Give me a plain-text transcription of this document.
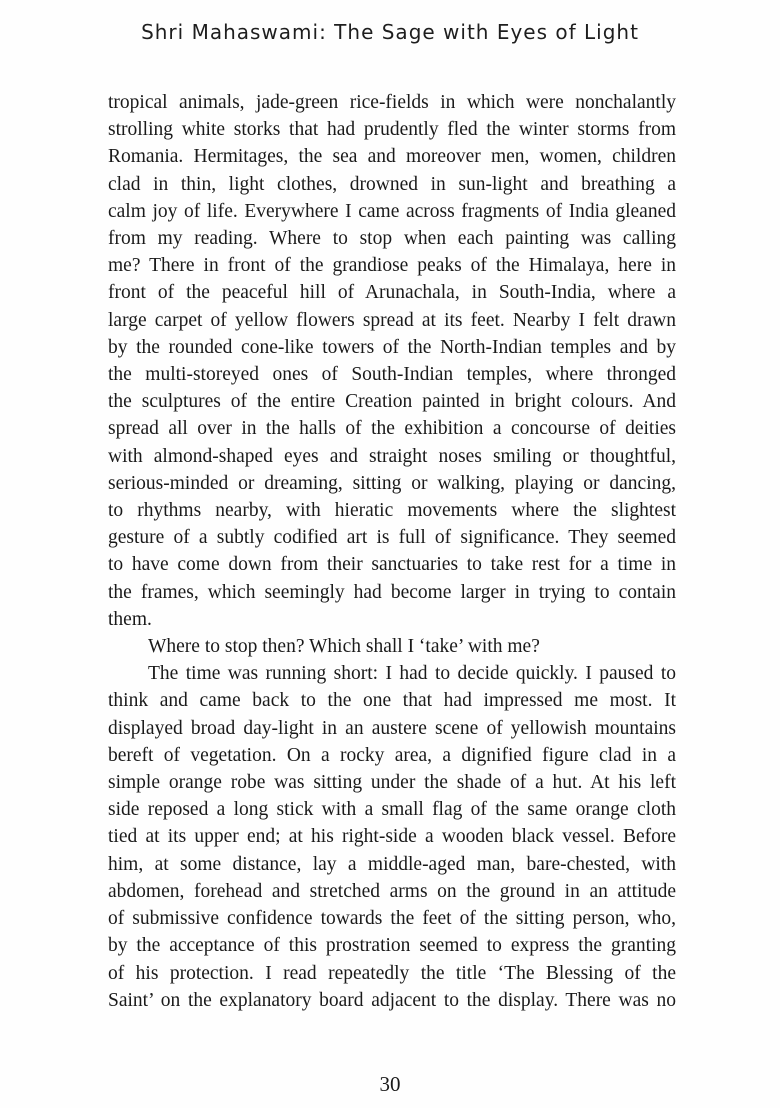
Shri Mahaswami: The Sage with Eyes of Light
tropical animals, jade-green rice-fields in which were nonchalantly
strolling white storks that had prudently fled the winter storms from
Romania. Hermitages, the sea and moreover men, women, children
clad in thin, light clothes, drowned in sun-light and breathing a
calm joy of life. Everywhere I came across fragments of India gleaned
from my reading. Where to stop when each painting was calling
me? There in front of the grandiose peaks of the Himalaya, here in
front of the peaceful hill of Arunachala, in South-India, where a
large carpet of yellow flowers spread at its feet. Nearby I felt drawn
by the rounded cone-like towers of the North-Indian temples and by
the multi-storeyed ones of South-Indian temples, where thronged
the sculptures of the entire Creation painted in bright colours. And
spread all over in the halls of the exhibition a concourse of deities
with almond-shaped eyes and straight noses smiling or thoughtful,
serious-minded or dreaming, sitting or walking, playing or dancing,
to rhythms nearby, with hieratic movements where the slightest
gesture of a subtly codified art is full of significance. They seemed
to have come down from their sanctuaries to take rest for a time in
the frames, which seemingly had become larger in trying to contain
them.
Where to stop then? Which shall I ‘take’ with me?
The time was running short: I had to decide quickly. I paused to
think and came back to the one that had impressed me most. It
displayed broad day-light in an austere scene of yellowish mountains
bereft of vegetation. On a rocky area, a dignified figure clad in a
simple orange robe was sitting under the shade of a hut. At his left
side reposed a long stick with a small flag of the same orange cloth
tied at its upper end; at his right-side a wooden black vessel. Before
him, at some distance, lay a middle-aged man, bare-chested, with
abdomen, forehead and stretched arms on the ground in an attitude
of submissive confidence towards the feet of the sitting person, who,
by the acceptance of this prostration seemed to express the granting
of his protection. I read repeatedly the title ‘The Blessing of the
Saint’ on the explanatory board adjacent to the display. There was no
30
